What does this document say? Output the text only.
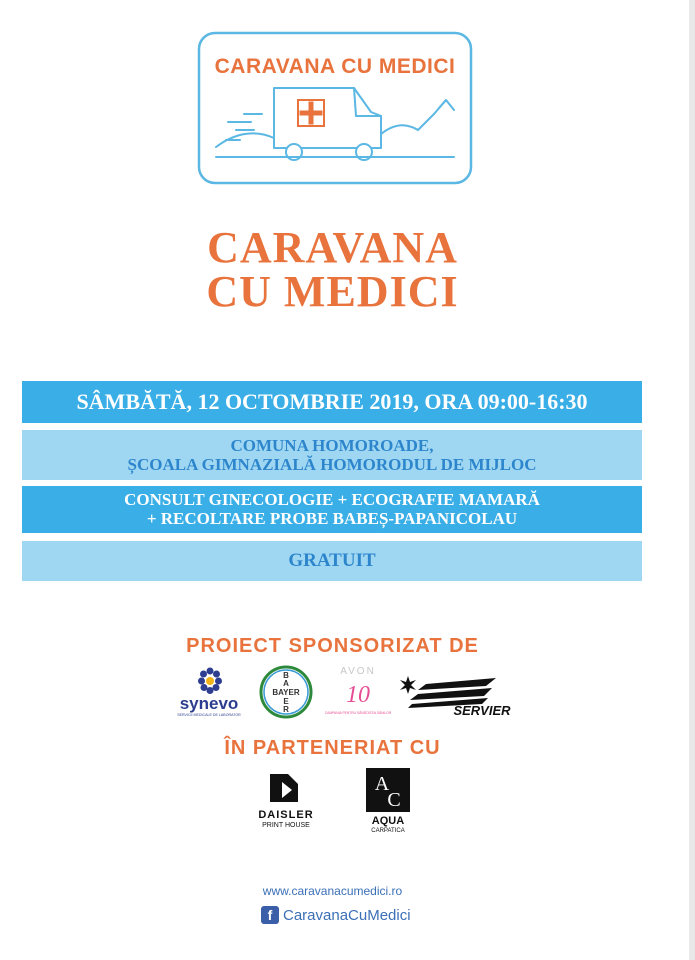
CARAVANA CU MEDICI
CARAVANA
CU MEDICI
SÂMBĂTĂ, 12 OCTOMBRIE 2019, ORA 09:00-16:30
COMUNA HOMOROADE,
ȘCOALA GIMNAZIALĂ HOMORODUL DE MIJLOC
CONSULT GINECOLOGIE + ECOGRAFIE MAMARĂ
+ RECOLTARE PROBE BABEȘ-PAPANICOLAU
GRATUIT
PROIECT SPONSORIZAT DE
synevo
SERVICII MEDICALE DE LABORATOR
BAYER
B
A
E
R
AVON
10
CAMPANIA PENTRU SĂNĂTATEA SÂNILOR	SERVIER
ÎN PARTENERIAT CU
DAISLER
PRINT HOUSE
A
C
AQUA
CARPATICA
www.caravanacumedici.ro
f CaravanaCuMedici
